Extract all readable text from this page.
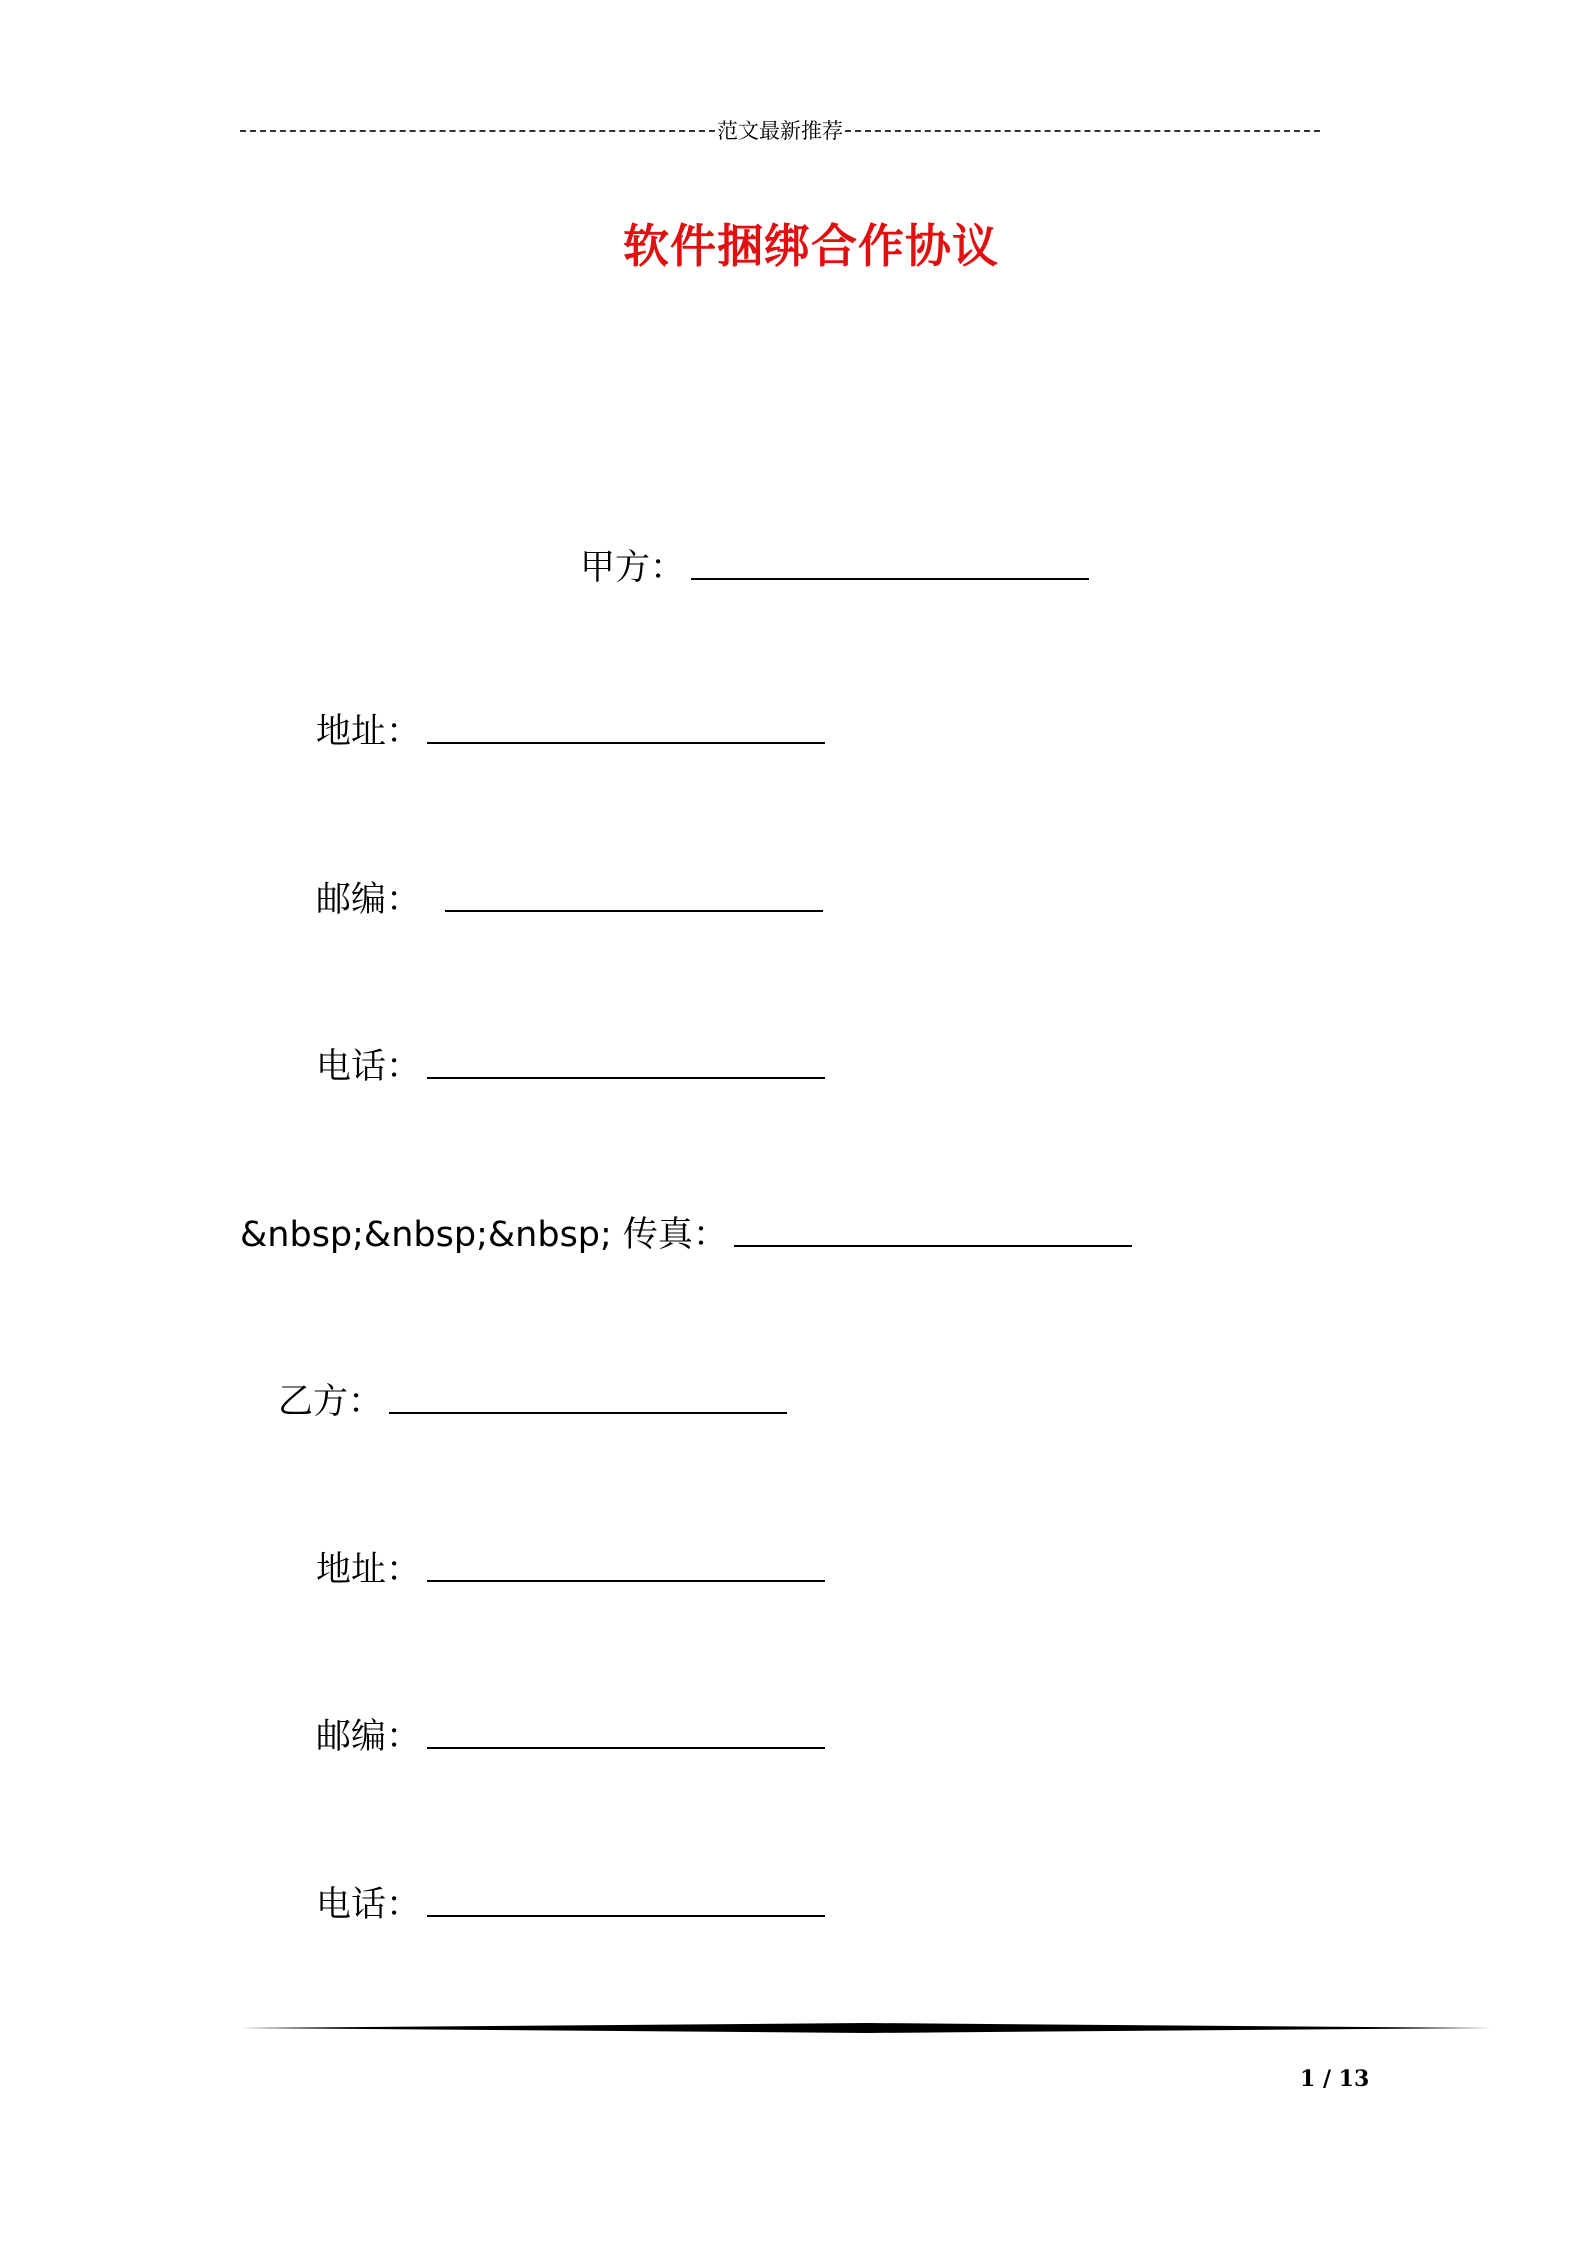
范文最新推荐
软件捆绑合作协议
甲方：
地址：
邮编：
电话：
&nbsp;&nbsp;&nbsp; 传真：
乙方：
地址：
邮编：
电话：
1 / 13
